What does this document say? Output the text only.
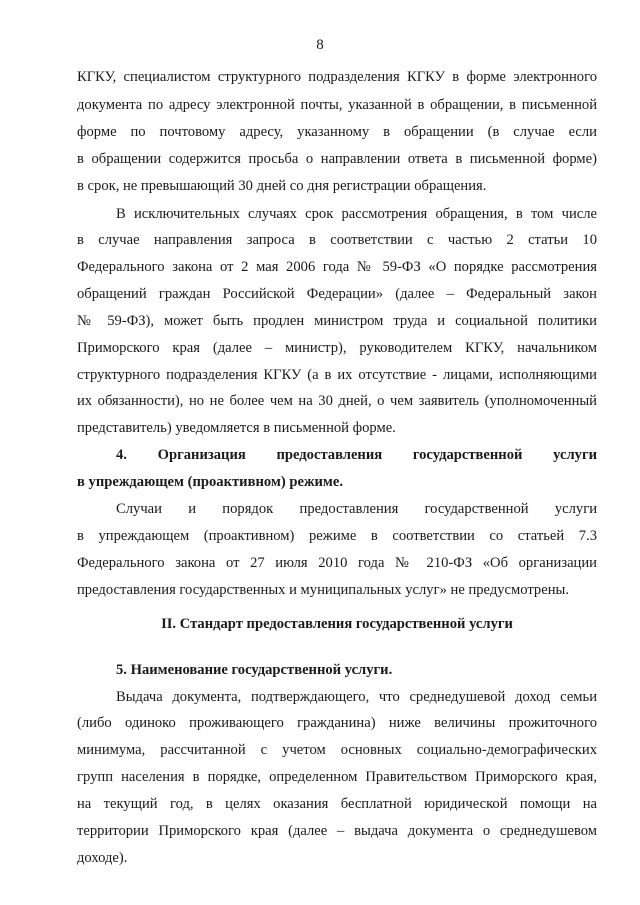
8
КГКУ, специалистом структурного подразделения КГКУ в форме электронного
документа по адресу электронной почты, указанной в обращении, в письменной
форме по почтовому адресу, указанному в обращении (в случае если
в обращении содержится просьба о направлении ответа в письменной форме)
в срок, не превышающий 30 дней со дня регистрации обращения.
В исключительных случаях срок рассмотрения обращения, в том числе
в случае направления запроса в соответствии с частью 2 статьи 10
Федерального закона от 2 мая 2006 года № 59-ФЗ «О порядке рассмотрения
обращений граждан Российской Федерации» (далее – Федеральный закон
№ 59-ФЗ), может быть продлен министром труда и социальной политики
Приморского края (далее – министр), руководителем КГКУ, начальником
структурного подразделения КГКУ (а в их отсутствие - лицами, исполняющими
их обязанности), но не более чем на 30 дней, о чем заявитель (уполномоченный
представитель) уведомляется в письменной форме.
4. Организация предоставления государственной услуги
в упреждающем (проактивном) режиме.
Случаи и порядок предоставления государственной услуги
в упреждающем (проактивном) режиме в соответствии со статьей 7.3
Федерального закона от 27 июля 2010 года № 210-ФЗ «Об организации
предоставления государственных и муниципальных услуг» не предусмотрены.
II. Стандарт предоставления государственной услуги
5. Наименование государственной услуги.
Выдача документа, подтверждающего, что среднедушевой доход семьи
(либо одиноко проживающего гражданина) ниже величины прожиточного
минимума, рассчитанной с учетом основных социально-демографических
групп населения в порядке, определенном Правительством Приморского края,
на текущий год, в целях оказания бесплатной юридической помощи на
территории Приморского края (далее – выдача документа о среднедушевом
доходе).
